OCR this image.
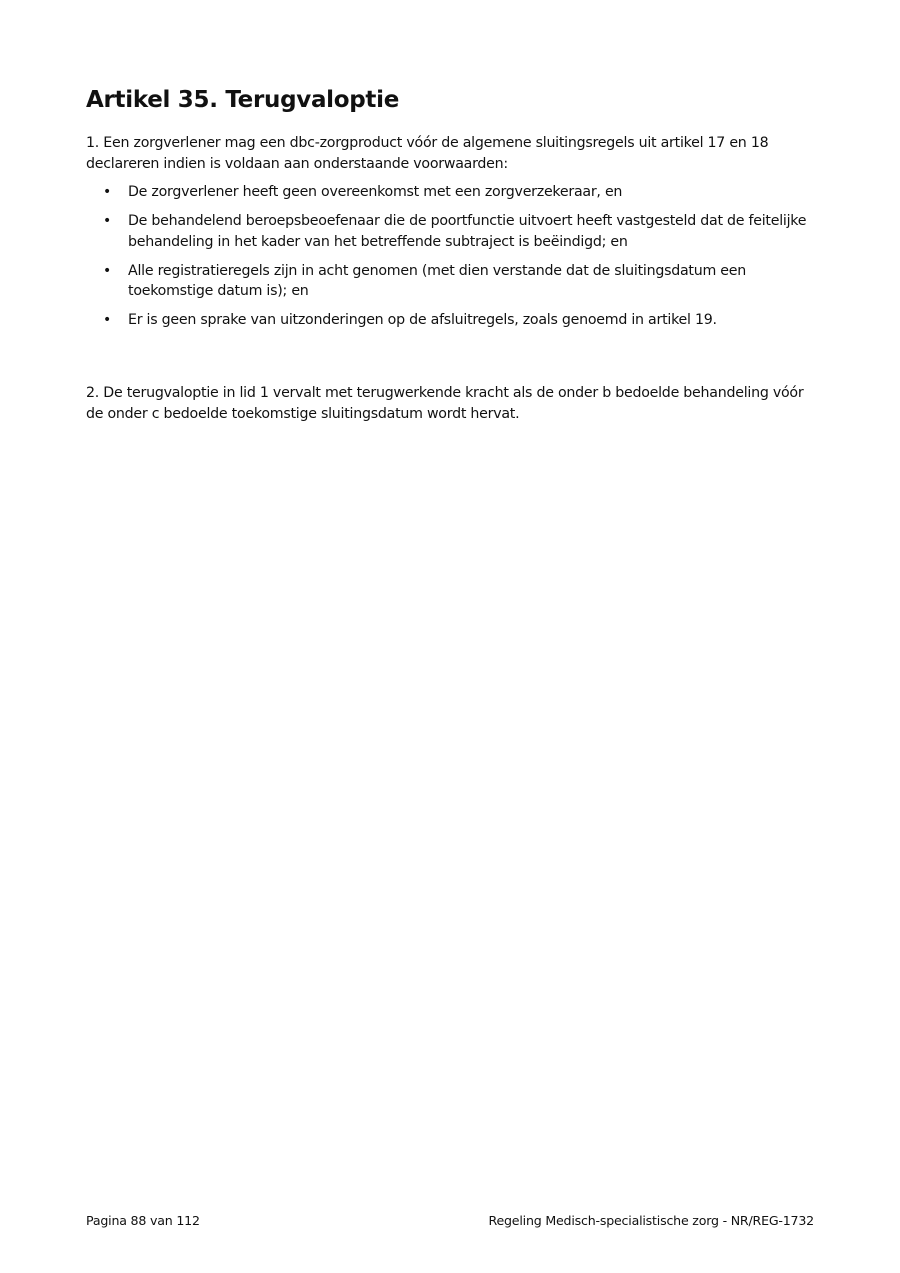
Artikel 35. Terugvaloptie

1. Een zorgverlener mag een dbc-zorgproduct vóór de algemene sluitingsregels uit artikel 17 en 18 declareren indien is voldaan aan onderstaande voorwaarden:

• De zorgverlener heeft geen overeenkomst met een zorgverzekeraar, en
• De behandelend beroepsbeoefenaar die de poortfunctie uitvoert heeft vastgesteld dat de feitelijke behandeling in het kader van het betreffende subtraject is beëindigd; en
• Alle registratieregels zijn in acht genomen (met dien verstande dat de sluitingsdatum een toekomstige datum is); en
• Er is geen sprake van uitzonderingen op de afsluitregels, zoals genoemd in artikel 19.

2. De terugvaloptie in lid 1 vervalt met terugwerkende kracht als de onder b bedoelde behandeling vóór de onder c bedoelde toekomstige sluitingsdatum wordt hervat.

Pagina 88 van 112	Regeling Medisch-specialistische zorg - NR/REG-1732
